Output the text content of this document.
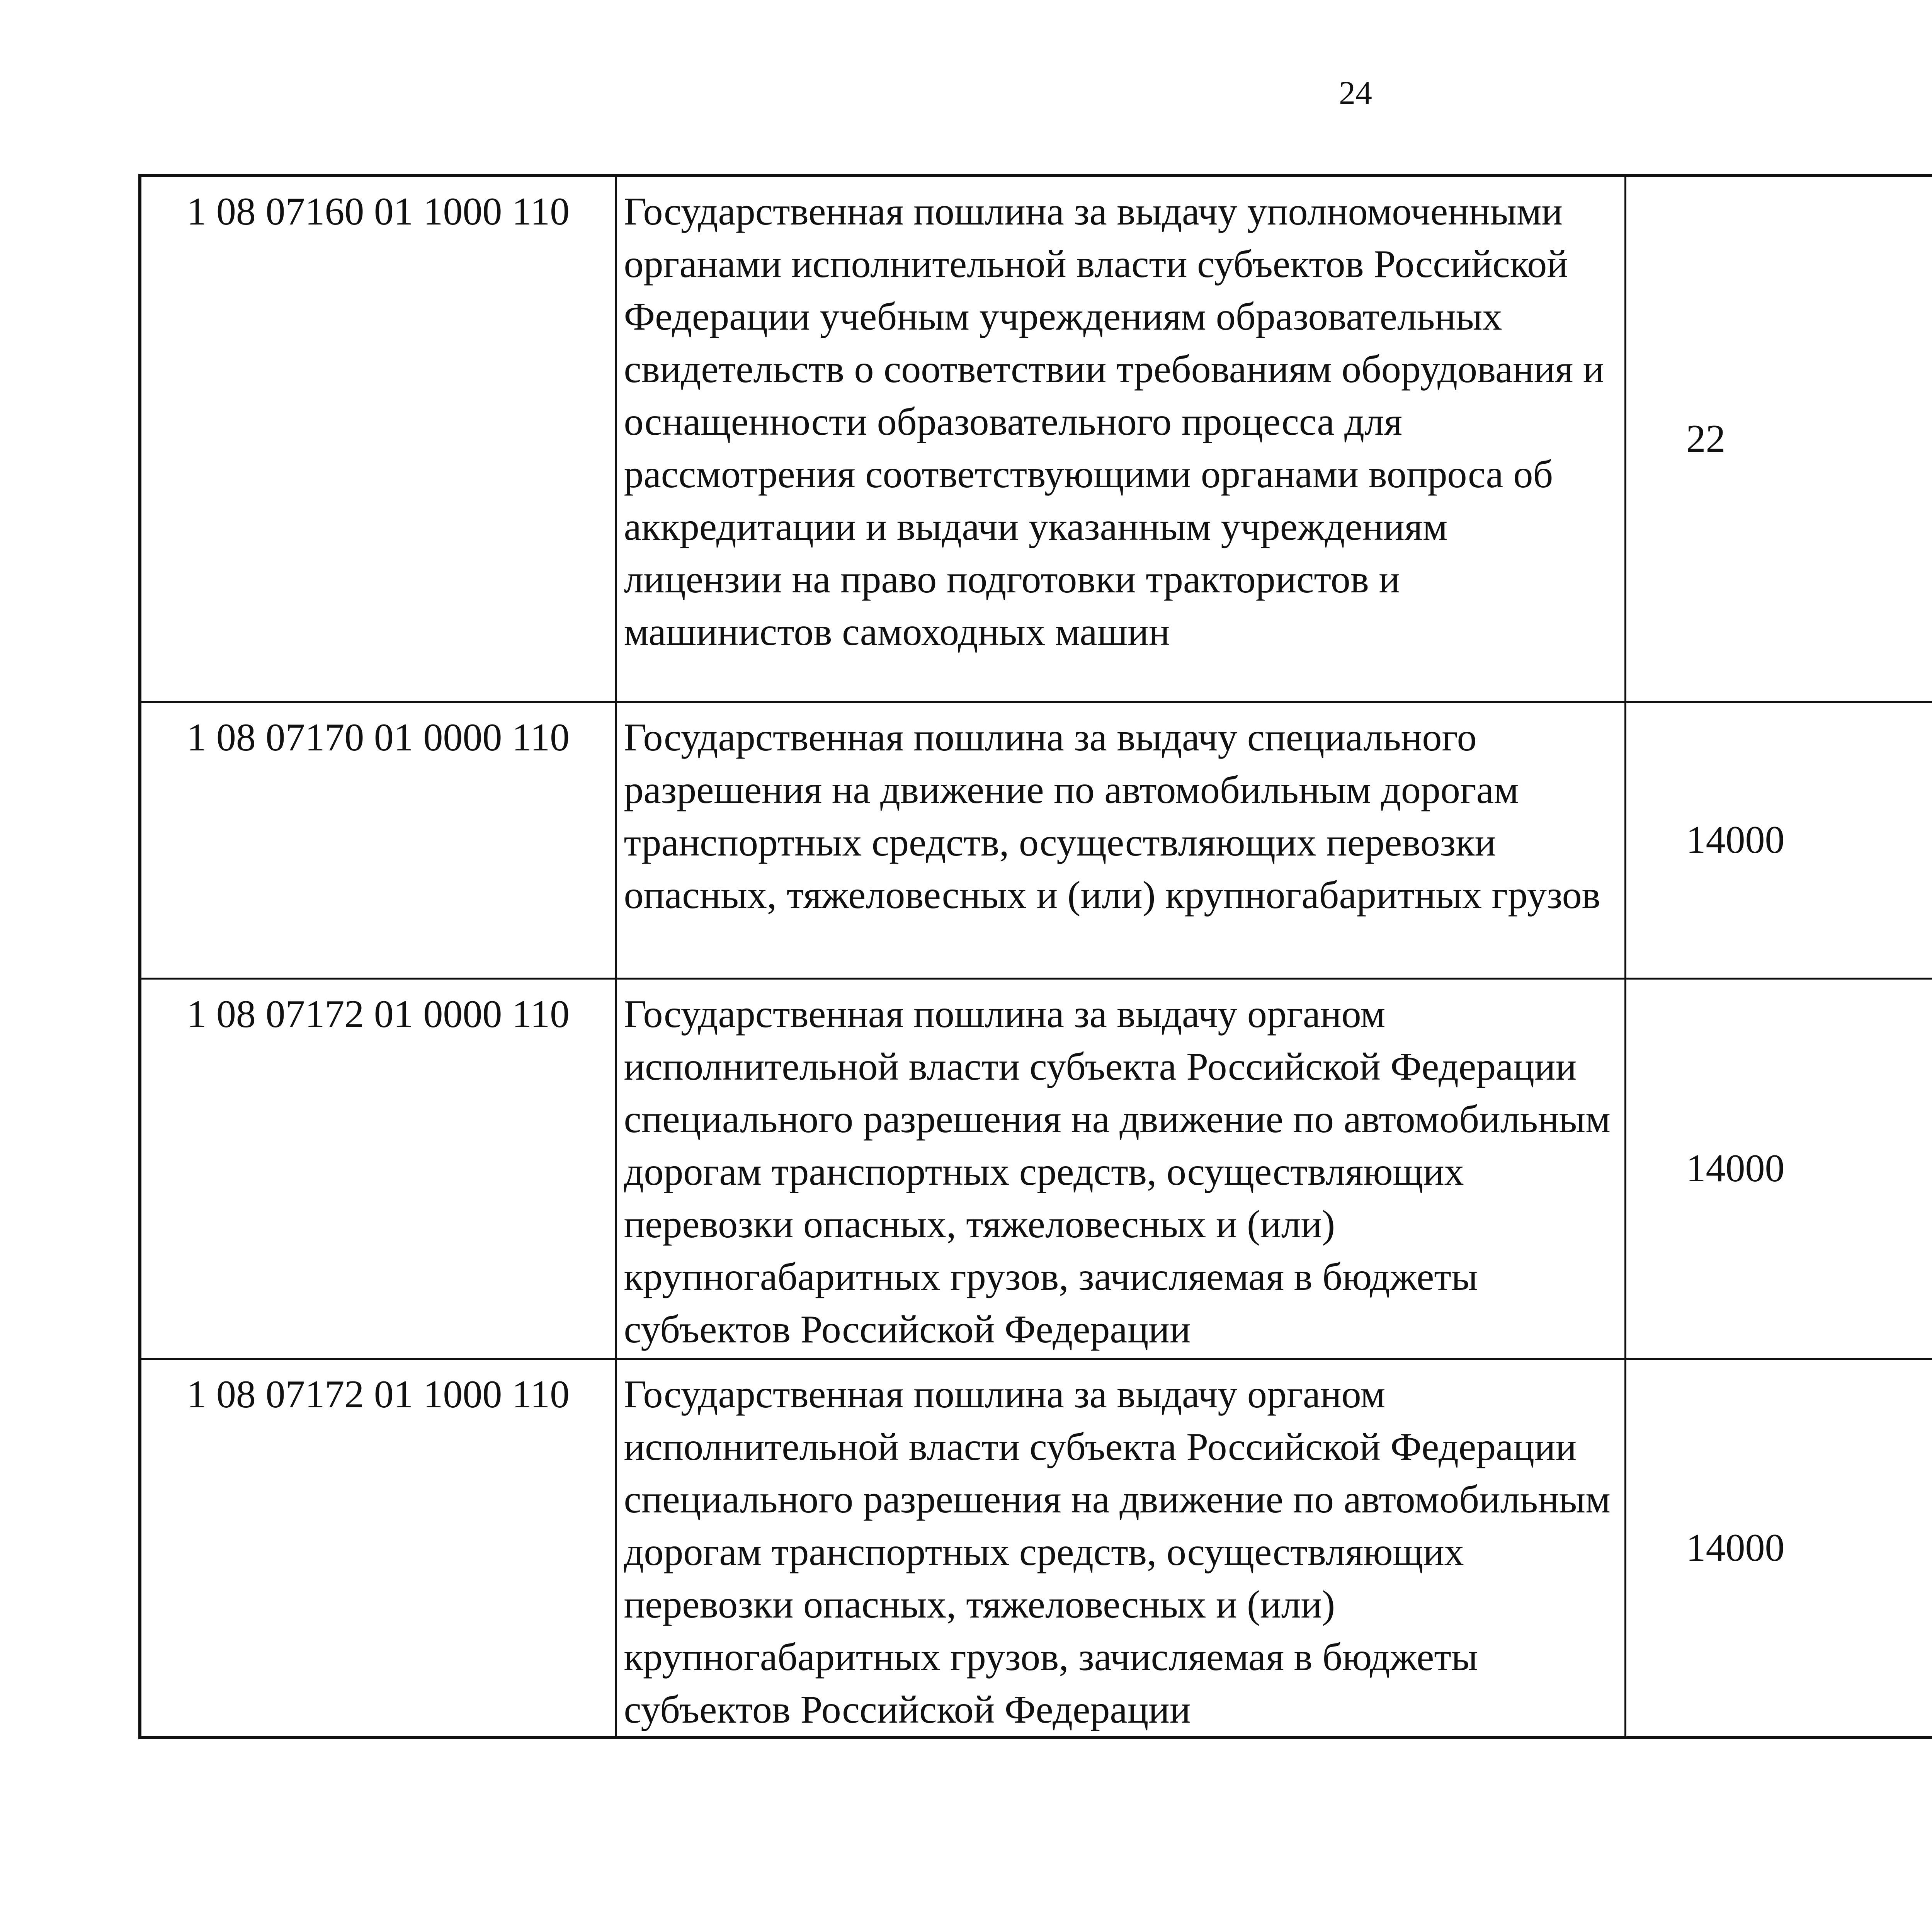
24
1 08 07160 01 1000 110	Государственная пошлина за выдачу уполномоченными органами исполнительной власти субъектов Российской Федерации учебным учреждениям образовательных свидетельств о соответствии требованиям оборудования и оснащенности образовательного процесса для рассмотрения соответствующими органами вопроса об аккредитации и выдачи указанным учреждениям лицензии на право подготовки трактористов и машинистов самоходных машин	22		
1 08 07170 01 0000 110	Государственная пошлина за выдачу специального разрешения на движение по автомобильным дорогам транспортных средств, осуществляющих перевозки опасных, тяжеловесных и (или) крупногабаритных грузов	14000		
1 08 07172 01 0000 110	Государственная пошлина за выдачу органом исполнительной власти субъекта Российской Федерации специального разрешения на движение по автомобильным дорогам транспортных средств, осуществляющих перевозки опасных, тяжеловесных и (или) крупногабаритных грузов, зачисляемая в бюджеты субъектов Российской Федерации	14000		
1 08 07172 01 1000 110	Государственная пошлина за выдачу органом исполнительной власти субъекта Российской Федерации специального разрешения на движение по автомобильным дорогам транспортных средств, осуществляющих перевозки опасных, тяжеловесных и (или) крупногабаритных грузов, зачисляемая в бюджеты субъектов Российской Федерации	14000		
